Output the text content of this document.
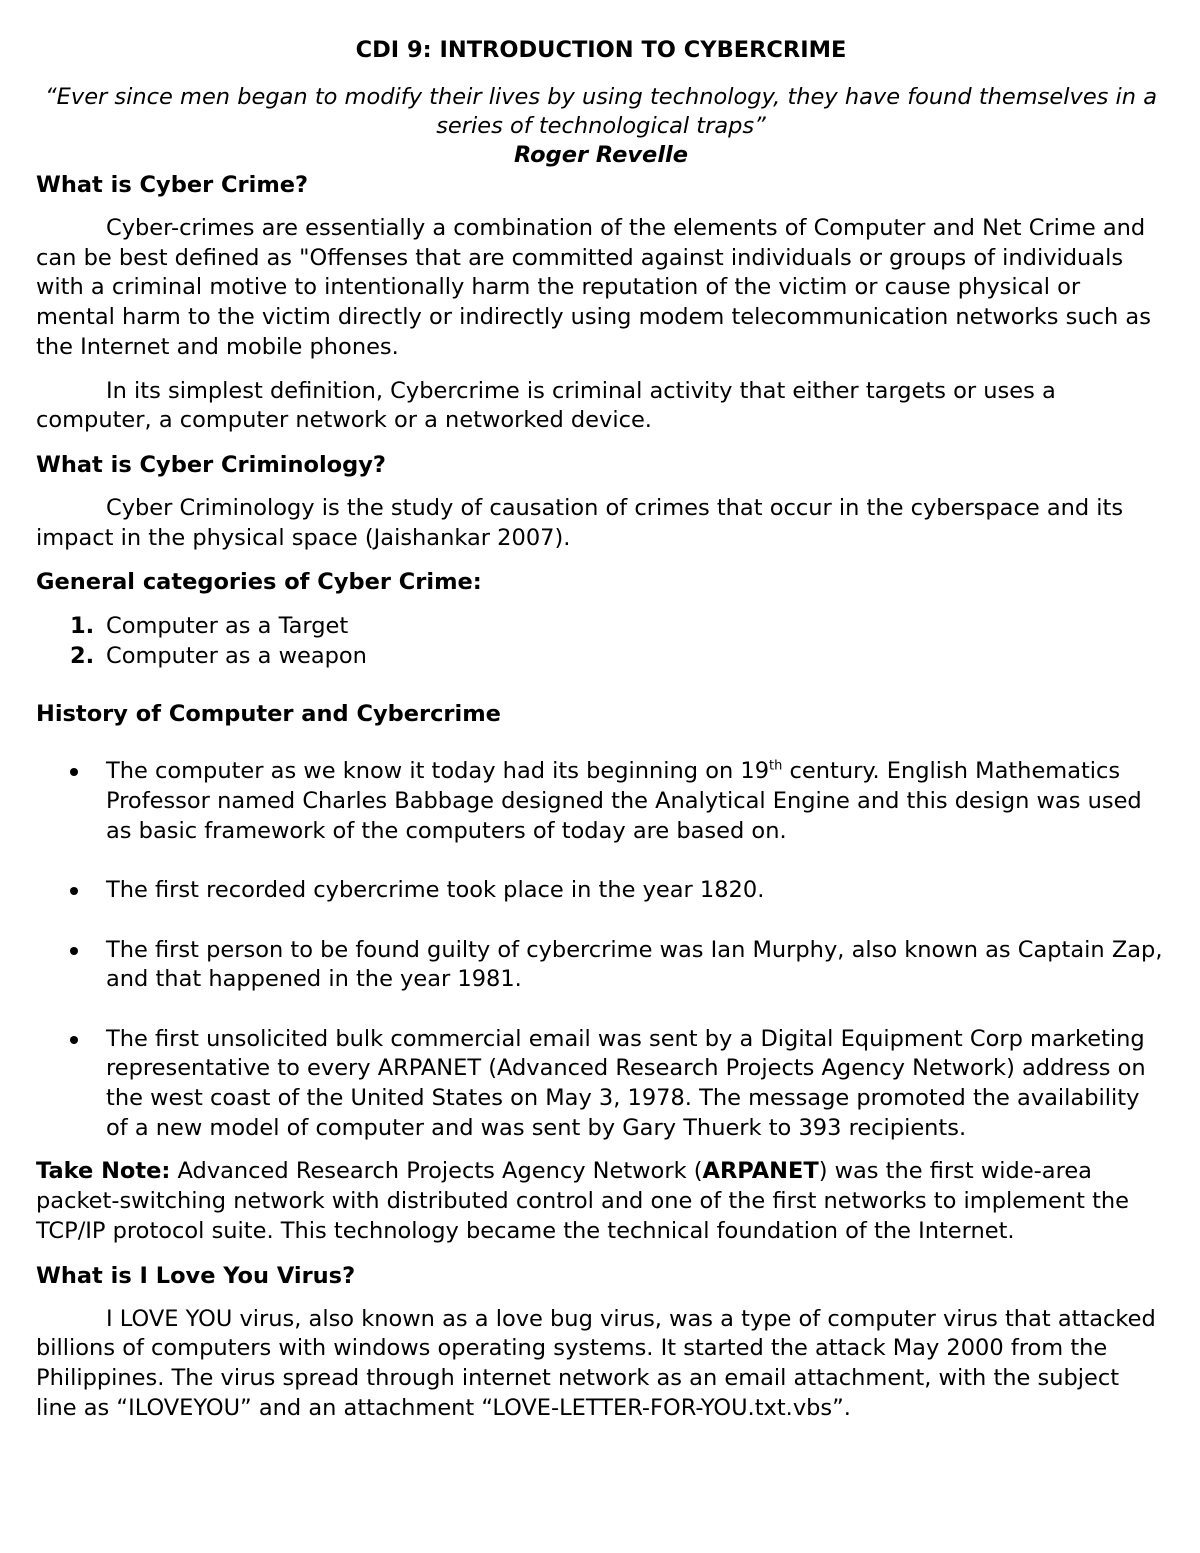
CDI 9: INTRODUCTION TO CYBERCRIME
“Ever since men began to modify their lives by using technology, they have found themselves in a series of technological traps”
Roger Revelle
What is Cyber Crime?

Cyber-crimes are essentially a combination of the elements of Computer and Net Crime and can be best defined as "Offenses that are committed against individuals or groups of individuals with a criminal motive to intentionally harm the reputation of the victim or cause physical or mental harm to the victim directly or indirectly using modem telecommunication networks such as the Internet and mobile phones.

In its simplest definition, Cybercrime is criminal activity that either targets or uses a computer, a computer network or a networked device.

What is Cyber Criminology?

Cyber Criminology is the study of causation of crimes that occur in the cyberspace and its impact in the physical space (Jaishankar 2007).

General categories of Cyber Crime:
1. Computer as a Target
2. Computer as a weapon
History of Computer and Cybercrime
The computer as we know it today had its beginning on 19th century. English Mathematics Professor named Charles Babbage designed the Analytical Engine and this design was used as basic framework of the computers of today are based on.
The first recorded cybercrime took place in the year 1820.
The first person to be found guilty of cybercrime was Ian Murphy, also known as Captain Zap, and that happened in the year 1981.
The first unsolicited bulk commercial email was sent by a Digital Equipment Corp marketing representative to every ARPANET (Advanced Research Projects Agency Network) address on the west coast of the United States on May 3, 1978. The message promoted the availability of a new model of computer and was sent by Gary Thuerk to 393 recipients.

Take Note: Advanced Research Projects Agency Network (ARPANET) was the first wide-area packet-switching network with distributed control and one of the first networks to implement the TCP/IP protocol suite. This technology became the technical foundation of the Internet.

What is I Love You Virus?

I LOVE YOU virus, also known as a love bug virus, was a type of computer virus that attacked billions of computers with windows operating systems. It started the attack May 2000 from the Philippines. The virus spread through internet network as an email attachment, with the subject line as “ILOVEYOU” and an attachment “LOVE-LETTER-FOR-YOU.txt.vbs”.
